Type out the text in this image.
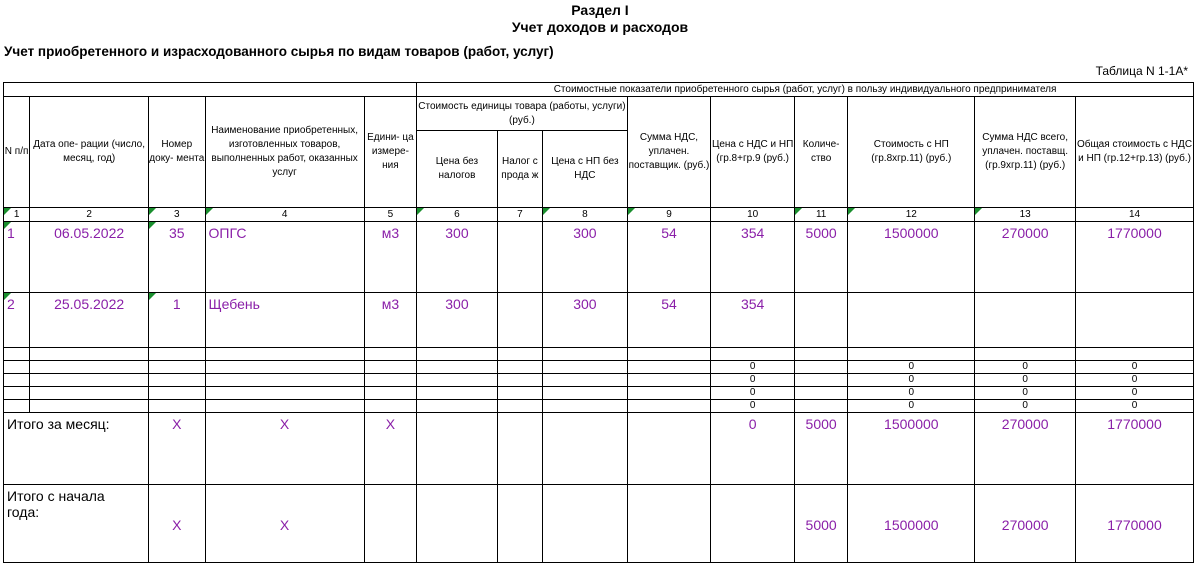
Раздел I
Учет доходов и расходов
Учет приобретенного и израсходованного сырья по видам товаров (работ, услуг)
Таблица N 1-1А*
					Стоимостные показатели приобретенного сырья (работ, услуг) в пользу индивидуального предпринимателя								
N п/п	Дата опе- рации (число, месяц, год)	Номер доку- мента	Наименование приобретенных, изготовленных товаров, выполненных работ, оказанных услуг	Едини- ца измере- ния	Стоимость единицы товара (работы, услуги) (руб.)			Сумма НДС, уплачен. поставщик. (руб.)	Цена с НДС и НП (гр.8+гр.9 (руб.)	Количе- ство	Стоимость с НП (гр.8хгр.11) (руб.)	Сумма НДС всего, уплачен. поставщ. (гр.9хгр.11) (руб.)	Общая стоимость с НДС и НП (гр.12+гр.13) (руб.)
					Цена без налогов	Налог с прода ж	Цена с НП без НДС						

1	2	3	4	5	6	7	8	9	10	11	12	13	14

1	06.05.2022	35	ОПГС	м3	300		300	54	354	5000	1500000	270000	1770000

2	25.05.2022	1	Щебень	м3	300		300	54	354				

									0		0	0	0
									0		0	0	0
									0		0	0	0
									0		0	0	0
Итого за месяц:		Х	Х	Х					0	5000	1500000	270000	1770000

Итого с начала
года:		Х	Х							5000	1500000	270000	1770000
